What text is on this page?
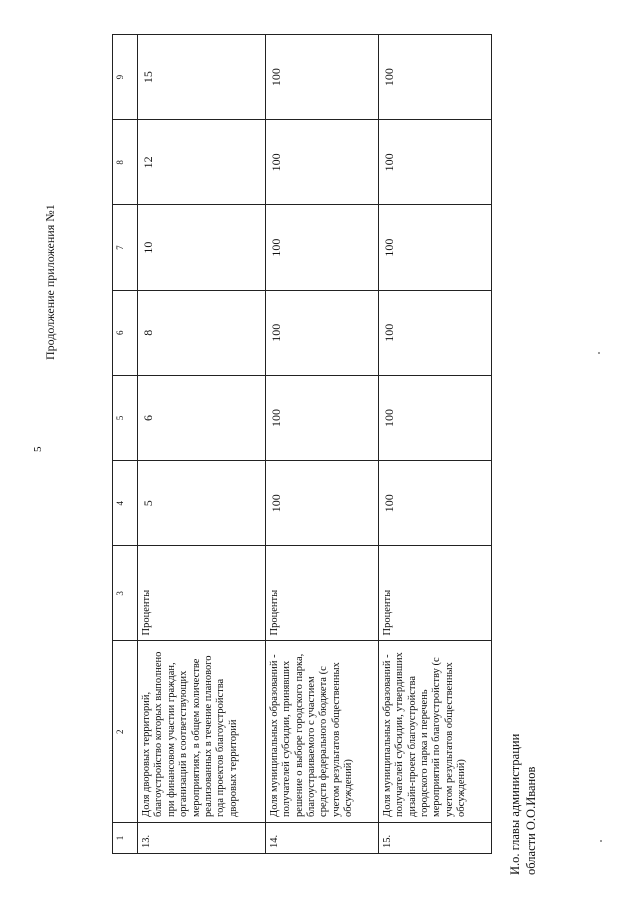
5
Продолжение приложения №1
1	2	3	4	5	6	7	8	9
13.	Доля дворовых территорий, благоустройство которых выполнено при финансовом участии граждан, организаций в соответствующих мероприятиях, в общем количестве реализованных в течение планового года проектов благоустройства дворовых территорий	Проценты	5	6	8	10	12	15
14.	Доля муниципальных образований - получателей субсидии, принявших решение о выборе городского парка, благоустраиваемого с участием средств федерального бюджета (с учетом результатов общественных обсуждений)	Проценты	100	100	100	100	100	100
15.	Доля муниципальных образований - получателей субсидии, утвердивших дизайн-проект благоустройства городского парка и перечень мероприятий по благоустройству (с учетом результатов общественных обсуждений)	Проценты	100	100	100	100	100	100
И.о. главы администрации области О.О.Иванов
